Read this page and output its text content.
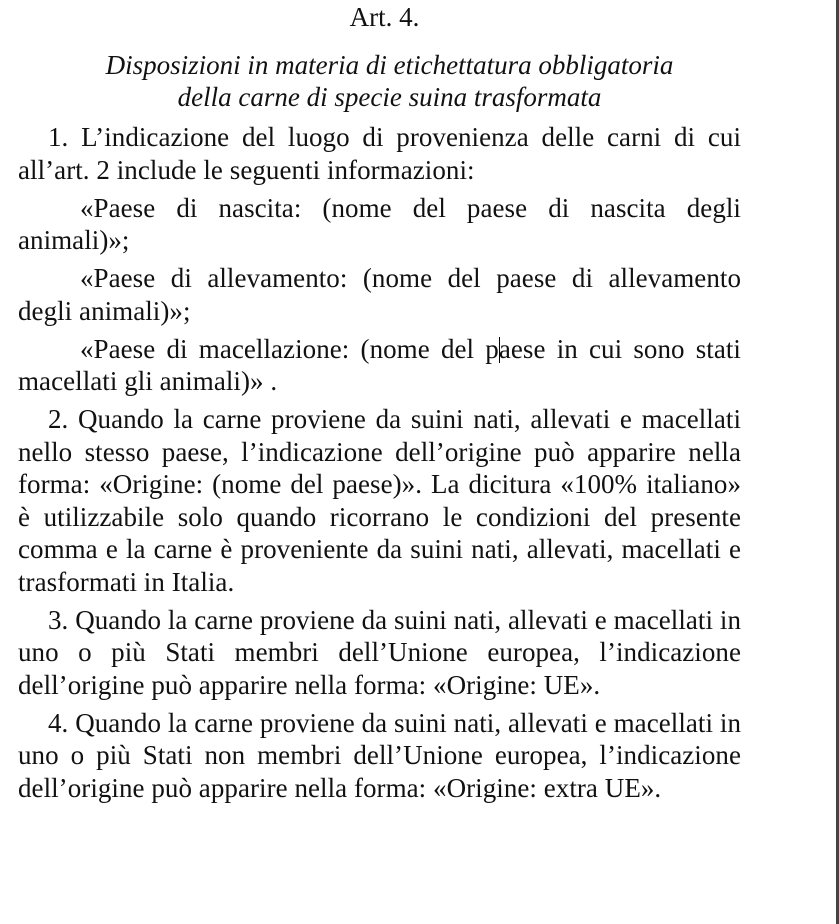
Art. 4.
Disposizioni in materia di etichettatura obbligatoria
della carne di specie suina trasformata

1. L’indicazione del luogo di provenienza delle carni di cui all’art. 2 include le seguenti informazioni:

«Paese di nascita: (nome del paese di nascita degli animali)»;

«Paese di allevamento: (nome del paese di allevamento degli animali)»;

«Paese di macellazione: (nome del paese in cui sono stati macellati gli animali)» .

2. Quando la carne proviene da suini nati, allevati e macellati nello stesso paese, l’indicazione dell’origine può apparire nella forma: «Origine: (nome del paese)». La dicitura «100% italiano» è utilizzabile solo quando ricorrano le condizioni del presente comma e la carne è proveniente da suini nati, allevati, macellati e trasformati in Italia.

3. Quando la carne proviene da suini nati, allevati e macellati in uno o più Stati membri dell’Unione europea, l’indicazione dell’origine può apparire nella forma: «Origine: UE».

4. Quando la carne proviene da suini nati, allevati e macellati in uno o più Stati non membri dell’Unione europea, l’indicazione dell’origine può apparire nella forma: «Origine: extra UE».
